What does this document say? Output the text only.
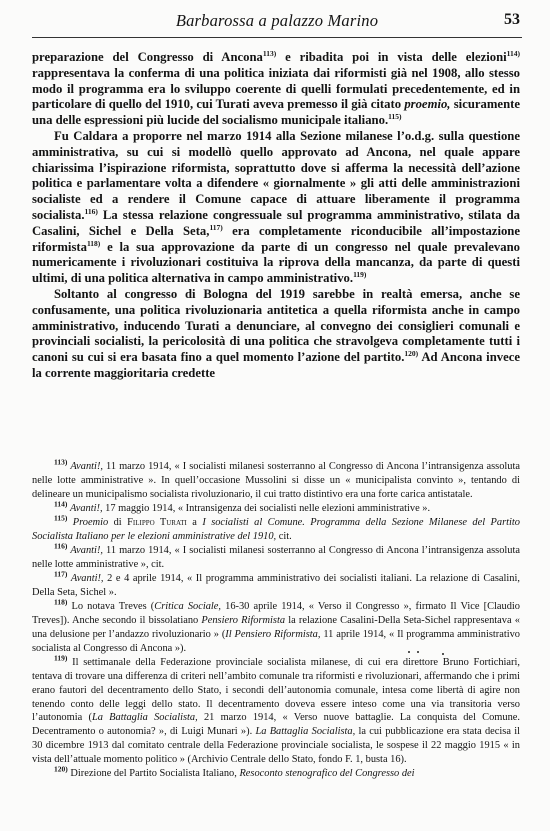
Barbarossa a palazzo Marino	53

preparazione del Congresso di Ancona$^{113)}$ e ribadita poi in vista delle elezioni$^{114)}$ rappresentava la conferma di una politica iniziata dai riformisti già nel 1908, allo stesso modo il programma era lo sviluppo coerente di quelli formulati precedentemente, ed in particolare di quello del 1910, cui Turati aveva premesso il già citato proemio, sicuramente una delle espressioni più lucide del socialismo municipale italiano.$^{115)}$

Fu Caldara a proporre nel marzo 1914 alla Sezione milanese l’o.d.g. sulla questione amministrativa, su cui si modellò quello approvato ad Ancona, nel quale appare chiarissima l’ispirazione riformista, soprattutto dove si afferma la necessità dell’azione politica e parlamentare volta a difendere « giornalmente » gli atti delle amministrazioni socialiste ed a rendere il Comune capace di attuare liberamente il programma socialista.$^{116)}$ La stessa relazione congressuale sul programma amministrativo, stilata da Casalini, Sichel e Della Seta,$^{117)}$ era completamente riconducibile all’impostazione riformista$^{118)}$ e la sua approvazione da parte di un congresso nel quale prevalevano numericamente i rivoluzionari costituiva la riprova della mancanza, da parte di questi ultimi, di una politica alternativa in campo amministrativo.$^{119)}$

Soltanto al congresso di Bologna del 1919 sarebbe in realtà emersa, anche se confusamente, una politica rivoluzionaria antitetica a quella riformista anche in campo amministrativo, inducendo Turati a denunciare, al convegno dei consiglieri comunali e provinciali socialisti, la pericolosità di una politica che stravolgeva completamente tutti i canoni su cui si era basata fino a quel momento l’azione del partito.$^{120)}$ Ad Ancona invece la corrente maggioritaria credette

$^{113)}$ Avanti!, 11 marzo 1914, « I socialisti milanesi sosterranno al Congresso di Ancona l’intransigenza assoluta nelle lotte amministrative ». In quell’occasione Mussolini si disse un « municipalista convinto », tentando di delineare un municipalismo socialista rivoluzionario, il cui tratto distintivo era una forte carica antistatale.

$^{114)}$ Avanti!, 17 maggio 1914, « Intransigenza dei socialisti nelle elezioni amministrative ».

$^{115)}$ Proemio di Filippo Turati a I socialisti al Comune. Programma della Sezione Milanese del Partito Socialista Italiano per le elezioni amministrative del 1910, cit.

$^{116)}$ Avanti!, 11 marzo 1914, « I socialisti milanesi sosterranno al Congresso di Ancona l’intransigenza assoluta nelle lotte amministrative », cit.

$^{117)}$ Avanti!, 2 e 4 aprile 1914, « Il programma amministrativo dei socialisti italiani. La relazione di Casalini, Della Seta, Sichel ».

$^{118)}$ Lo notava Treves (Critica Sociale, 16-30 aprile 1914, « Verso il Congresso », firmato Il Vice [Claudio Treves]). Anche secondo il bissolatiano Pensiero Riformista la relazione Casalini-Della Seta-Sichel rappresentava « una delusione per l’andazzo rivoluzionario » (Il Pensiero Riformista, 11 aprile 1914, « Il programma amministrativo socialista al Congresso di Ancona »).

$^{119)}$ Il settimanale della Federazione provinciale socialista milanese, di cui era direttore Bruno Fortichiari, tentava di trovare una differenza di criteri nell’ambito comunale tra riformisti e rivoluzionari, affermando che i primi erano fautori del decentramento dello Stato, i secondi dell’autonomia comunale, intesa come libertà di agire non tenendo conto delle leggi dello stato. Il decentramento doveva essere inteso come una via transitoria verso l’autonomia (La Battaglia Socialista, 21 marzo 1914, « Verso nuove battaglie. La conquista del Comune. Decentramento o autonomia? », di Luigi Munari »). La Battaglia Socialista, la cui pubblicazione era stata decisa il 30 dicembre 1913 dal comitato centrale della Federazione provinciale socialista, le sospese il 22 maggio 1915 « in vista dell’attuale momento politico » (Archivio Centrale dello Stato, fondo F. 1, busta 16).

$^{120)}$ Direzione del Partito Socialista Italiano, Resoconto stenografico del Congresso dei
